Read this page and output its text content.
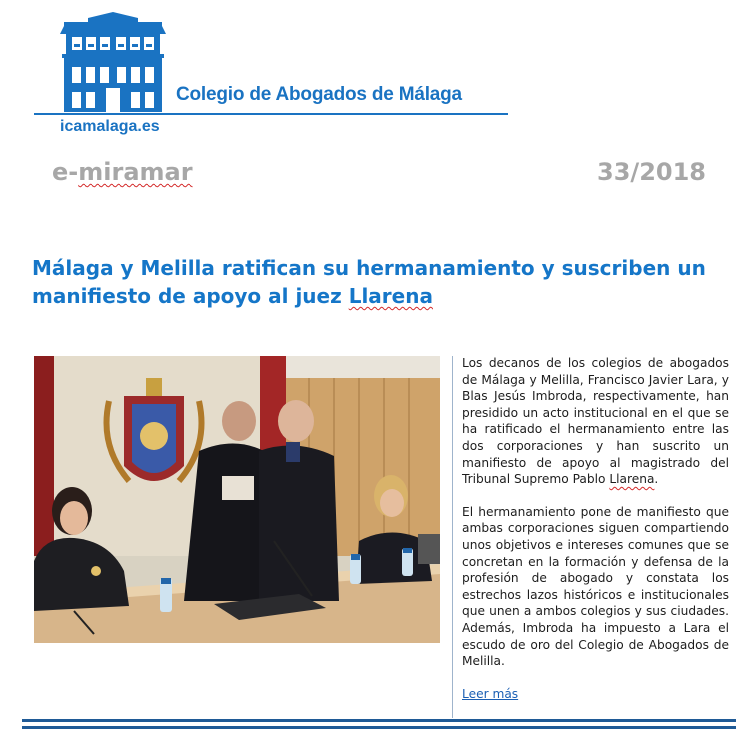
Colegio de Abogados de Málaga
icamalaga.es
e-miramar	33/2018
Málaga y Melilla ratifican su hermanamiento y suscriben un manifiesto de apoyo al juez Llarena

Los decanos de los colegios de abogados de Málaga y Melilla, Francisco Javier Lara, y Blas Jesús Imbroda, respectivamente, han presidido un acto institucional en el que se ha ratificado el hermanamiento entre las dos corporaciones y han suscrito un manifiesto de apoyo al magistrado del Tribunal Supremo Pablo Llarena.

El hermanamiento pone de manifiesto que ambas corporaciones siguen compartiendo unos objetivos e intereses comunes que se concretan en la formación y defensa de la profesión de abogado y constata los estrechos lazos históricos e institucionales que unen a ambos colegios y sus ciudades. Además, Imbroda ha impuesto a Lara el escudo de oro del Colegio de Abogados de Melilla.

Leer más
